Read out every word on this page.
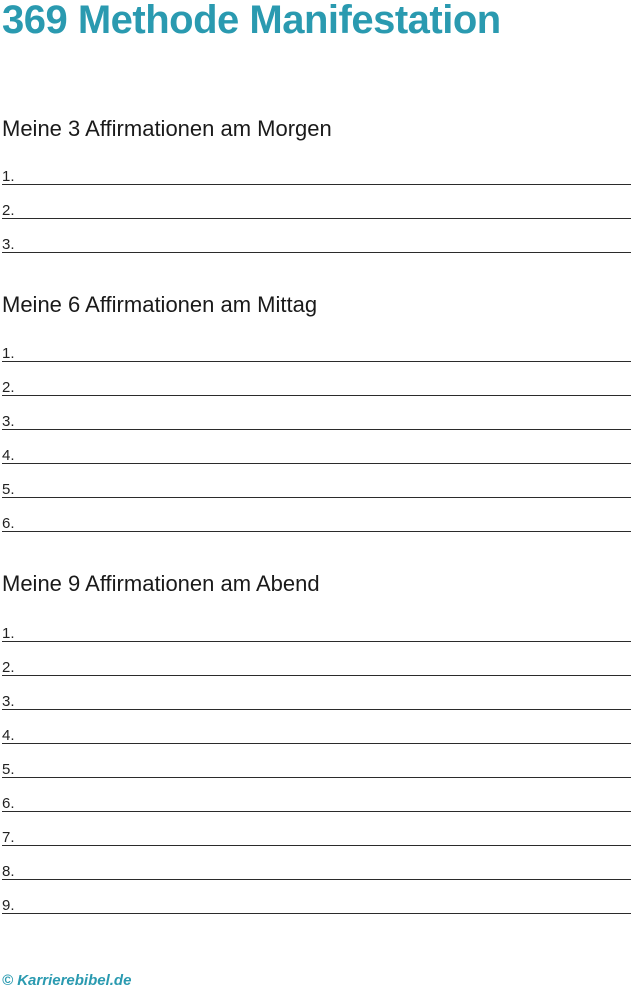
369 Methode Manifestation
Meine 3 Affirmationen am Morgen
1.
2.
3.
Meine 6 Affirmationen am Mittag
1.
2.
3.
4.
5.
6.
Meine 9 Affirmationen am Abend
1.
2.
3.
4.
5.
6.
7.
8.
9.

© Karrierebibel.de
